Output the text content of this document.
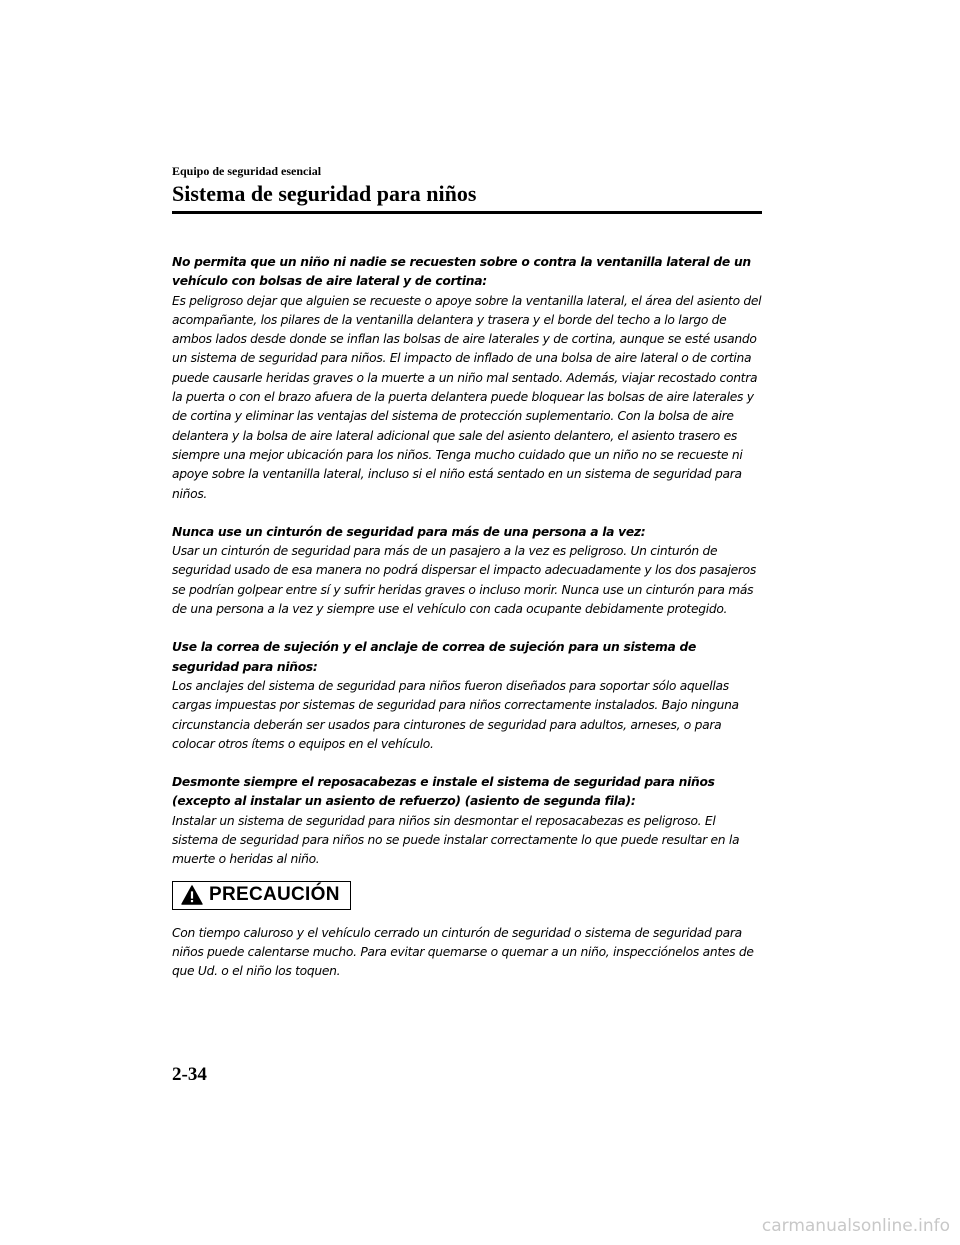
Equipo de seguridad esencial

Sistema de seguridad para niños

No permita que un niño ni nadie se recuesten sobre o contra la ventanilla lateral de un vehículo con bolsas de aire lateral y de cortina:

Es peligroso dejar que alguien se recueste o apoye sobre la ventanilla lateral, el área del asiento del acompañante, los pilares de la ventanilla delantera y trasera y el borde del techo a lo largo de ambos lados desde donde se inflan las bolsas de aire laterales y de cortina, aunque se esté usando un sistema de seguridad para niños. El impacto de inflado de una bolsa de aire lateral o de cortina puede causarle heridas graves o la muerte a un niño mal sentado. Además, viajar recostado contra la puerta o con el brazo afuera de la puerta delantera puede bloquear las bolsas de aire laterales y de cortina y eliminar las ventajas del sistema de protección suplementario. Con la bolsa de aire delantera y la bolsa de aire lateral adicional que sale del asiento delantero, el asiento trasero es siempre una mejor ubicación para los niños. Tenga mucho cuidado que un niño no se recueste ni apoye sobre la ventanilla lateral, incluso si el niño está sentado en un sistema de seguridad para niños.

Nunca use un cinturón de seguridad para más de una persona a la vez:

Usar un cinturón de seguridad para más de un pasajero a la vez es peligroso. Un cinturón de seguridad usado de esa manera no podrá dispersar el impacto adecuadamente y los dos pasajeros se podrían golpear entre sí y sufrir heridas graves o incluso morir. Nunca use un cinturón para más de una persona a la vez y siempre use el vehículo con cada ocupante debidamente protegido.

Use la correa de sujeción y el anclaje de correa de sujeción para un sistema de seguridad para niños:

Los anclajes del sistema de seguridad para niños fueron diseñados para soportar sólo aquellas cargas impuestas por sistemas de seguridad para niños correctamente instalados. Bajo ninguna circunstancia deberán ser usados para cinturones de seguridad para adultos, arneses, o para colocar otros ítems o equipos en el vehículo.

Desmonte siempre el reposacabezas e instale el sistema de seguridad para niños (excepto al instalar un asiento de refuerzo) (asiento de segunda fila):

Instalar un sistema de seguridad para niños sin desmontar el reposacabezas es peligroso. El sistema de seguridad para niños no se puede instalar correctamente lo que puede resultar en la muerte o heridas al niño.

PRECAUCIÓN

Con tiempo caluroso y el vehículo cerrado un cinturón de seguridad o sistema de seguridad para niños puede calentarse mucho. Para evitar quemarse o quemar a un niño, inspecciónelos antes de que Ud. o el niño los toquen.

2-34
carmanualsonline.info
